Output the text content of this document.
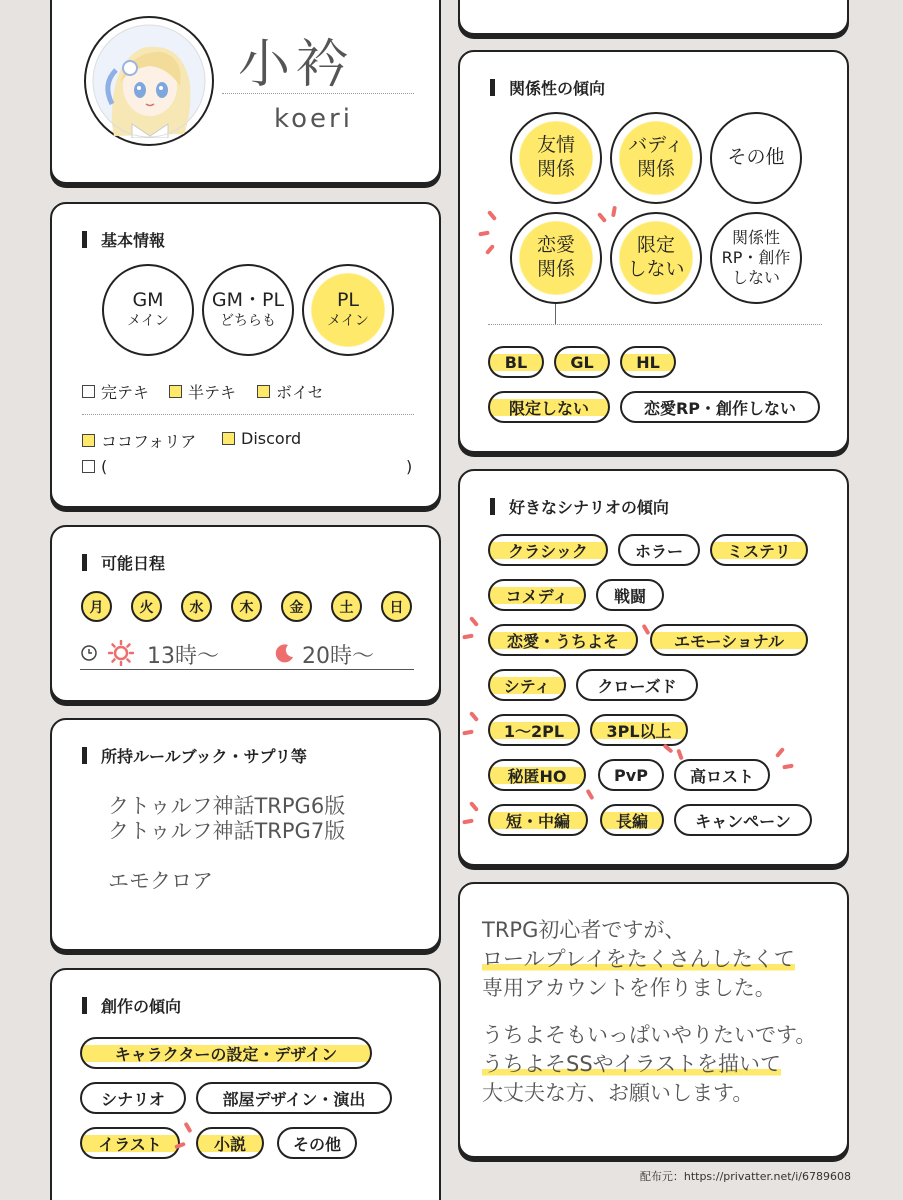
小衿
koeri
基本情報
GM
メイン
GM・PL
どちらも
PL
メイン
完テキ 半テキ ボイセ
ココフォリア	Discord
(	)
可能日程
月	火	水	木	金	土	日
13時〜	20時〜
所持ルールブック・サプリ等
クトゥルフ神話TRPG6版
クトゥルフ神話TRPG7版
エモクロア
創作の傾向
キャラクターの設定・デザイン
シナリオ	部屋デザイン・演出
イラスト	小説	その他
関係性の傾向
友情
関係
バディ
関係
その他
恋愛
関係
限定
しない
関係性
RP・創作
しない
BL	GL	HL
限定しない	恋愛RP・創作しない
好きなシナリオの傾向
クラシック	ホラー	ミステリ
コメディ	戦闘
恋愛・うちよそ	エモーショナル
シティ	クローズド
1〜2PL	3PL以上
秘匿HO	PvP	高ロスト
短・中編	長編	キャンペーン
TRPG初心者ですが、
ロールプレイをたくさんしたくて
専用アカウントを作りました。
うちよそもいっぱいやりたいです。
うちよそSSやイラストを描いて
大丈夫な方、お願いします。
配布元：https://privatter.net/i/6789608
